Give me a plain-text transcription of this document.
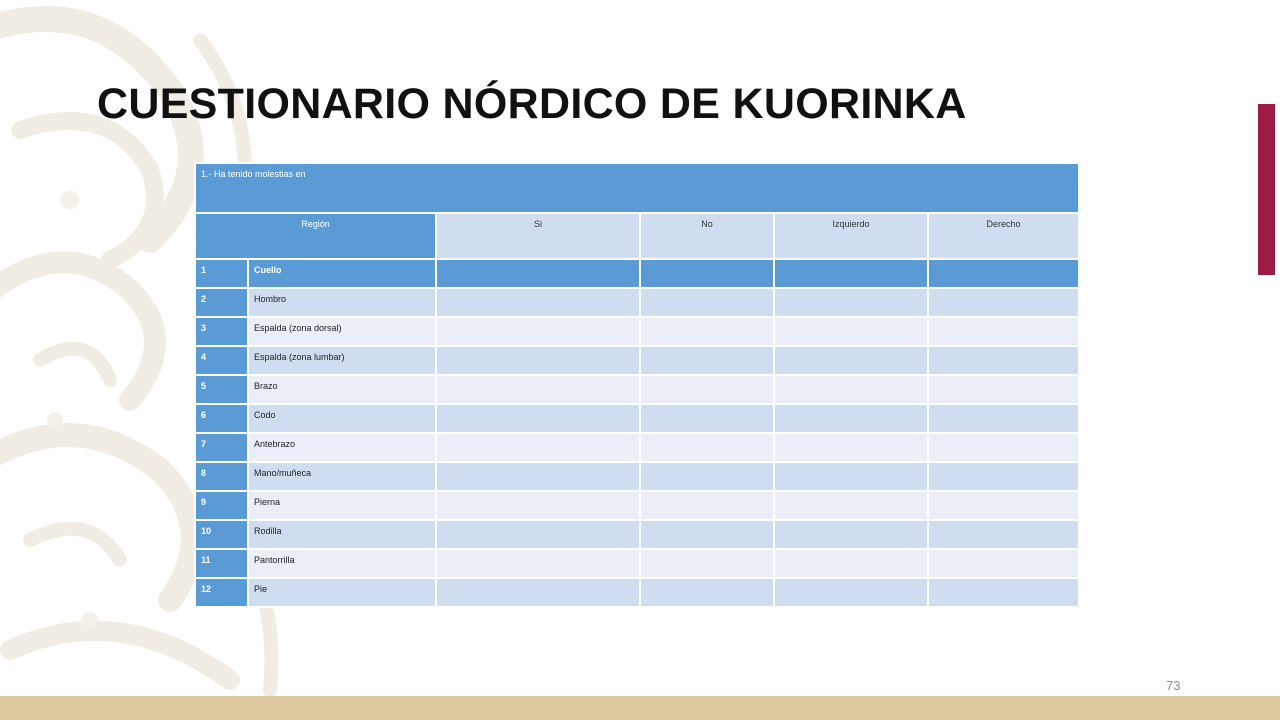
CUESTIONARIO NÓRDICO DE KUORINKA
1.- Ha tenido molestias en					
Región		Si	No	Izquierdo	Derecho
1	Cuello				
2	Hombro				
3	Espalda (zona dorsal)				
4	Espalda (zona lumbar)				
5	Brazo				
6	Codo				
7	Antebrazo				
8	Mano/muñeca				
9	Pierna				
10	Rodilla				
11	Pantorrilla				
12	Pie				
73
